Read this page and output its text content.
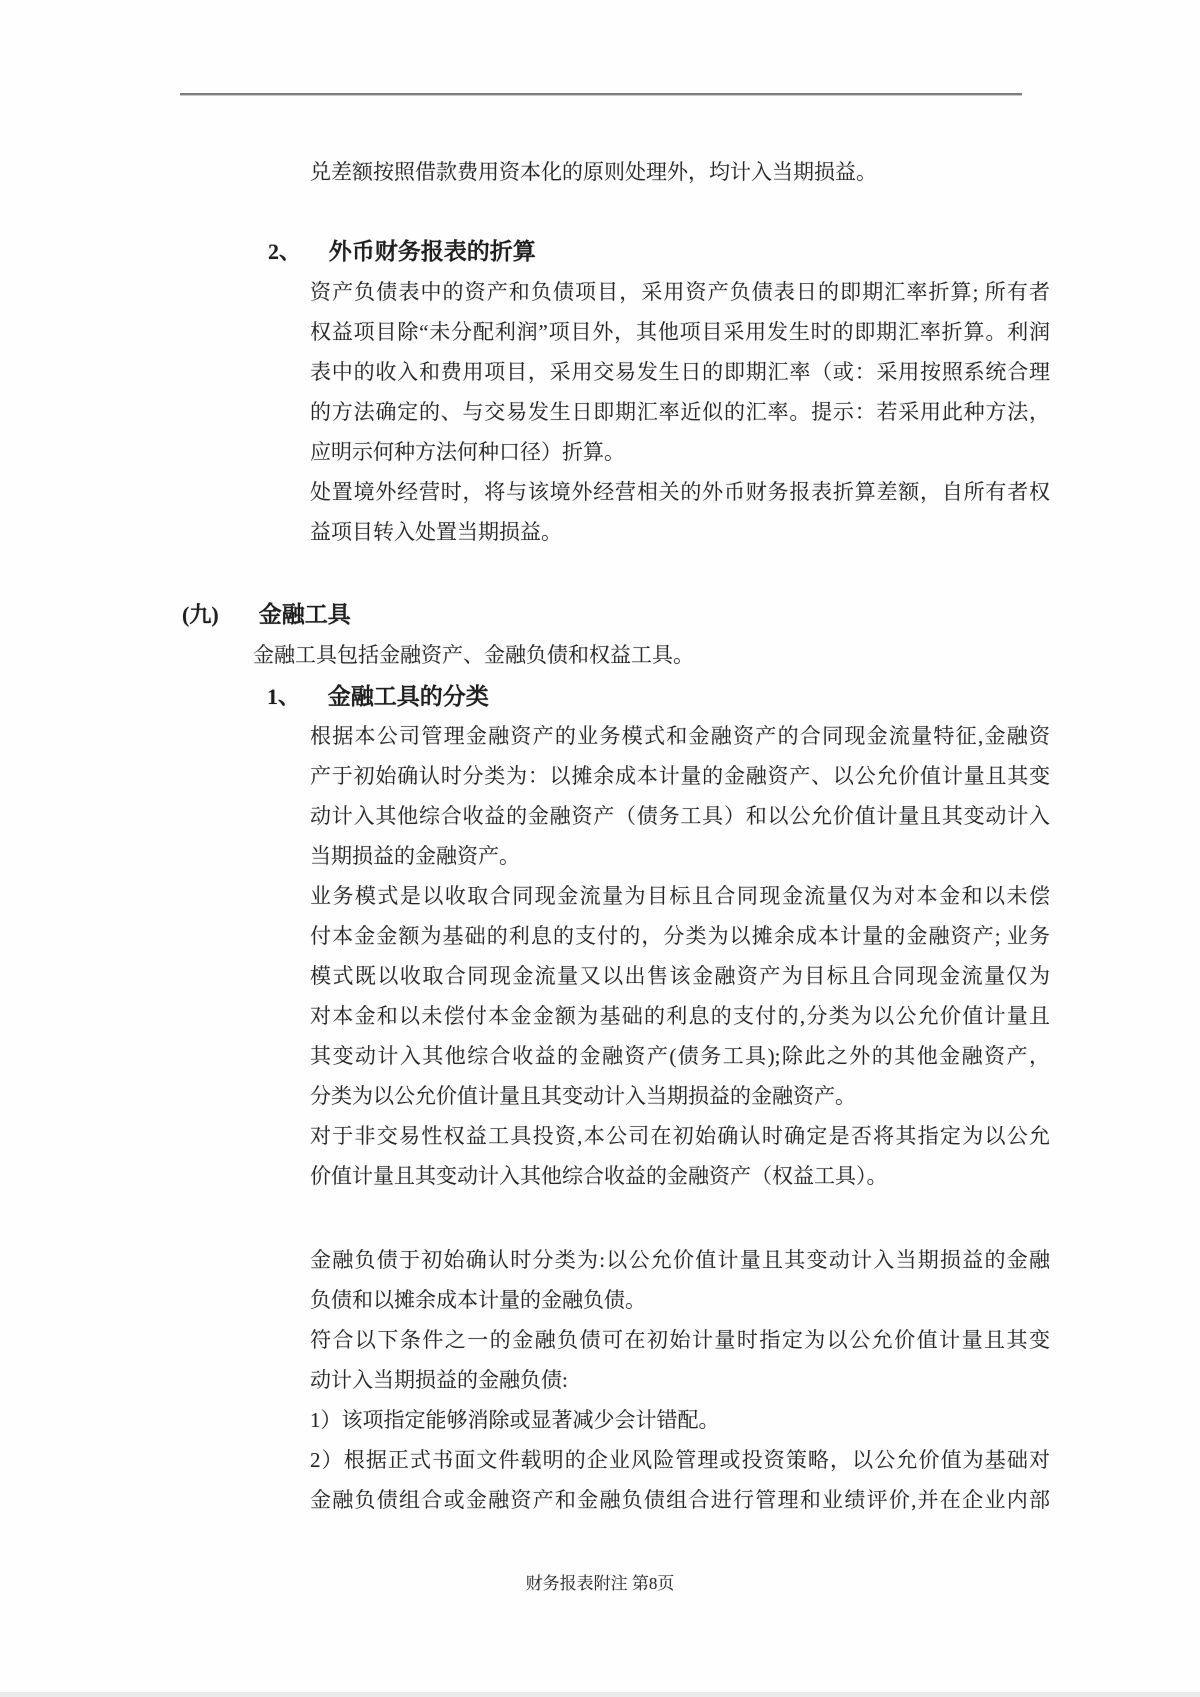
兑差额按照借款费用资本化的原则处理外，均计入当期损益。
2、 外币财务报表的折算
资产负债表中的资产和负债项目，采用资产负债表日的即期汇率折算; 所有者
权益项目除“未分配利润”项目外，其他项目采用发生时的即期汇率折算。利润
表中的收入和费用项目，采用交易发生日的即期汇率（或：采用按照系统合理
的方法确定的、与交易发生日即期汇率近似的汇率。提示：若采用此种方法，
应明示何种方法何种口径）折算。
处置境外经营时，将与该境外经营相关的外币财务报表折算差额，自所有者权
益项目转入处置当期损益。
(九) 金融工具
金融工具包括金融资产、金融负债和权益工具。
1、 金融工具的分类
根据本公司管理金融资产的业务模式和金融资产的合同现金流量特征,金融资
产于初始确认时分类为：以摊余成本计量的金融资产、以公允价值计量且其变
动计入其他综合收益的金融资产（债务工具）和以公允价值计量且其变动计入
当期损益的金融资产。
业务模式是以收取合同现金流量为目标且合同现金流量仅为对本金和以未偿
付本金金额为基础的利息的支付的，分类为以摊余成本计量的金融资产; 业务
模式既以收取合同现金流量又以出售该金融资产为目标且合同现金流量仅为
对本金和以未偿付本金金额为基础的利息的支付的,分类为以公允价值计量且
其变动计入其他综合收益的金融资产(债务工具);除此之外的其他金融资产，
分类为以公允价值计量且其变动计入当期损益的金融资产。
对于非交易性权益工具投资,本公司在初始确认时确定是否将其指定为以公允
价值计量且其变动计入其他综合收益的金融资产（权益工具）。
金融负债于初始确认时分类为:以公允价值计量且其变动计入当期损益的金融
负债和以摊余成本计量的金融负债。
符合以下条件之一的金融负债可在初始计量时指定为以公允价值计量且其变
动计入当期损益的金融负债:
1）该项指定能够消除或显著减少会计错配。
2）根据正式书面文件载明的企业风险管理或投资策略，以公允价值为基础对
金融负债组合或金融资产和金融负债组合进行管理和业绩评价,并在企业内部
财务报表附注 第8页
